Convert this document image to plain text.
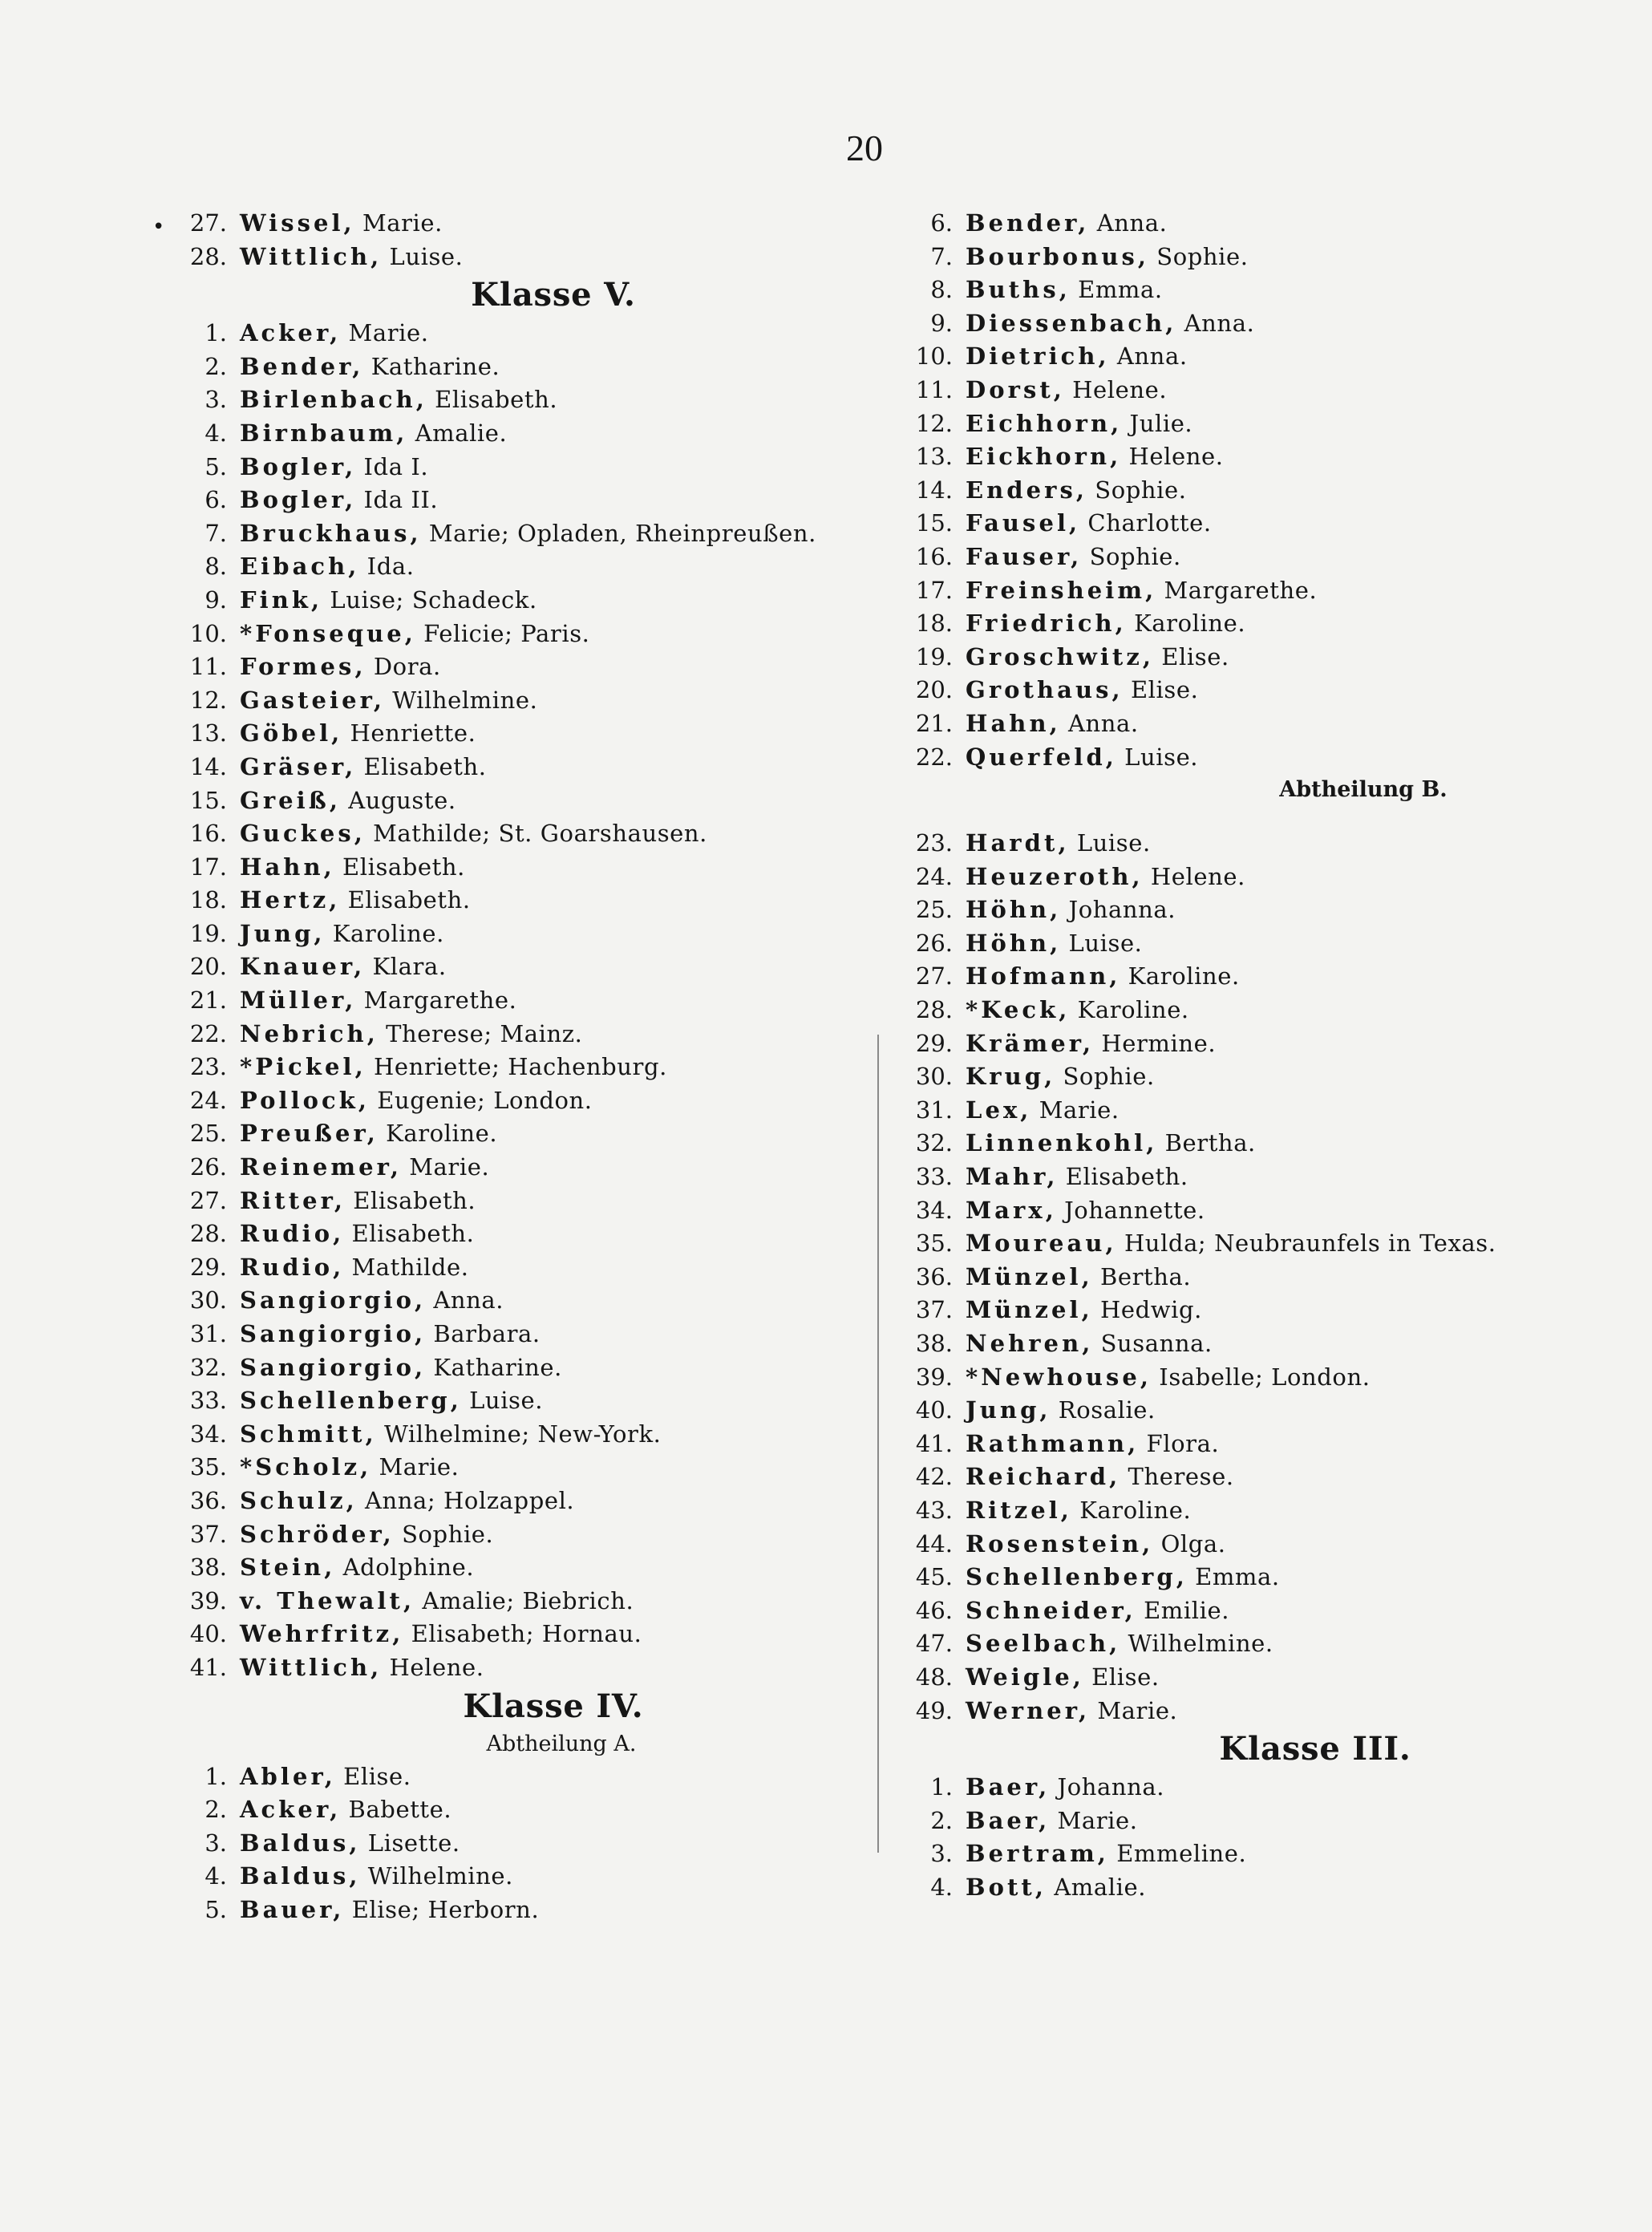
20
•	27. Wissel,
Marie.
28. Wittlich,
Luise.
Klasse V.
1. Acker,
Marie.
2. Bender,
Katharine.
3. Birlenbach,
Elisabeth.
4. Birnbaum,
Amalie.
5. Bogler,
Ida I.
6. Bogler,
Ida II.
7. Bruckhaus,
Marie; Opladen, Rheinpreußen.
8. Eibach,
Ida.
9. Fink,
Luise; Schadeck.
10. *Fonseque,
Felicie; Paris.
11. Formes,
Dora.
12. Gasteier,
Wilhelmine.
13. Göbel,
Henriette.
14. Gräser,
Elisabeth.
15. Greiß,
Auguste.
16. Guckes,
Mathilde; St. Goarshausen.
17. Hahn,
Elisabeth.
18. Hertz,
Elisabeth.
19. Jung,
Karoline.
20. Knauer,
Klara.
21. Müller,
Margarethe.
22. Nebrich,
Therese; Mainz.
23. *Pickel,
Henriette; Hachenburg.
24. Pollock,
Eugenie; London.
25. Preußer,
Karoline.
26. Reinemer,
Marie.
27. Ritter,
Elisabeth.
28. Rudio,
Elisabeth.
29. Rudio,
Mathilde.
30. Sangiorgio,
Anna.
31. Sangiorgio,
Barbara.
32. Sangiorgio,
Katharine.
33. Schellenberg,
Luise.
34. Schmitt,
Wilhelmine; New-York.
35. *Scholz,
Marie.
36. Schulz,
Anna; Holzappel.
37. Schröder,
Sophie.
38. Stein,
Adolphine.
39. v. Thewalt,
Amalie; Biebrich.
40. Wehrfritz,
Elisabeth; Hornau.
41. Wittlich,
Helene.
Klasse IV.
Abtheilung A.
1. Abler,
Elise.
2. Acker,
Babette.
3. Baldus,
Lisette.
4. Baldus,
Wilhelmine.
5. Bauer,
Elise; Herborn.
6. Bender,
Anna.
7. Bourbonus,
Sophie.
8. Buths,
Emma.
9. Diessenbach,
Anna.
10. Dietrich,
Anna.
11. Dorst,
Helene.
12. Eichhorn,
Julie.
13. Eickhorn,
Helene.
14. Enders,
Sophie.
15. Fausel,
Charlotte.
16. Fauser,
Sophie.
17. Freinsheim,
Margarethe.
18. Friedrich,
Karoline.
19. Groschwitz,
Elise.
20. Grothaus,
Elise.
21. Hahn,
Anna.
22. Querfeld,
Luise.
Abtheilung B.
23. Hardt,
Luise.
24. Heuzeroth,
Helene.
25. Höhn,
Johanna.
26. Höhn,
Luise.
27. Hofmann,
Karoline.
28. *Keck,
Karoline.
29. Krämer,
Hermine.
30. Krug,
Sophie.
31. Lex,
Marie.
32. Linnenkohl,
Bertha.
33. Mahr,
Elisabeth.
34. Marx,
Johannette.
35. Moureau,
Hulda; Neubraunfels in Texas.
36. Münzel,
Bertha.
37. Münzel,
Hedwig.
38. Nehren,
Susanna.
39. *Newhouse,
Isabelle; London.
40. Jung,
Rosalie.
41. Rathmann,
Flora.
42. Reichard,
Therese.
43. Ritzel,
Karoline.
44. Rosenstein,
Olga.
45. Schellenberg,
Emma.
46. Schneider,
Emilie.
47. Seelbach,
Wilhelmine.
48. Weigle,
Elise.
49. Werner,
Marie.
Klasse III.
1. Baer,
Johanna.
2. Baer,
Marie.
3. Bertram,
Emmeline.
4. Bott,
Amalie.
